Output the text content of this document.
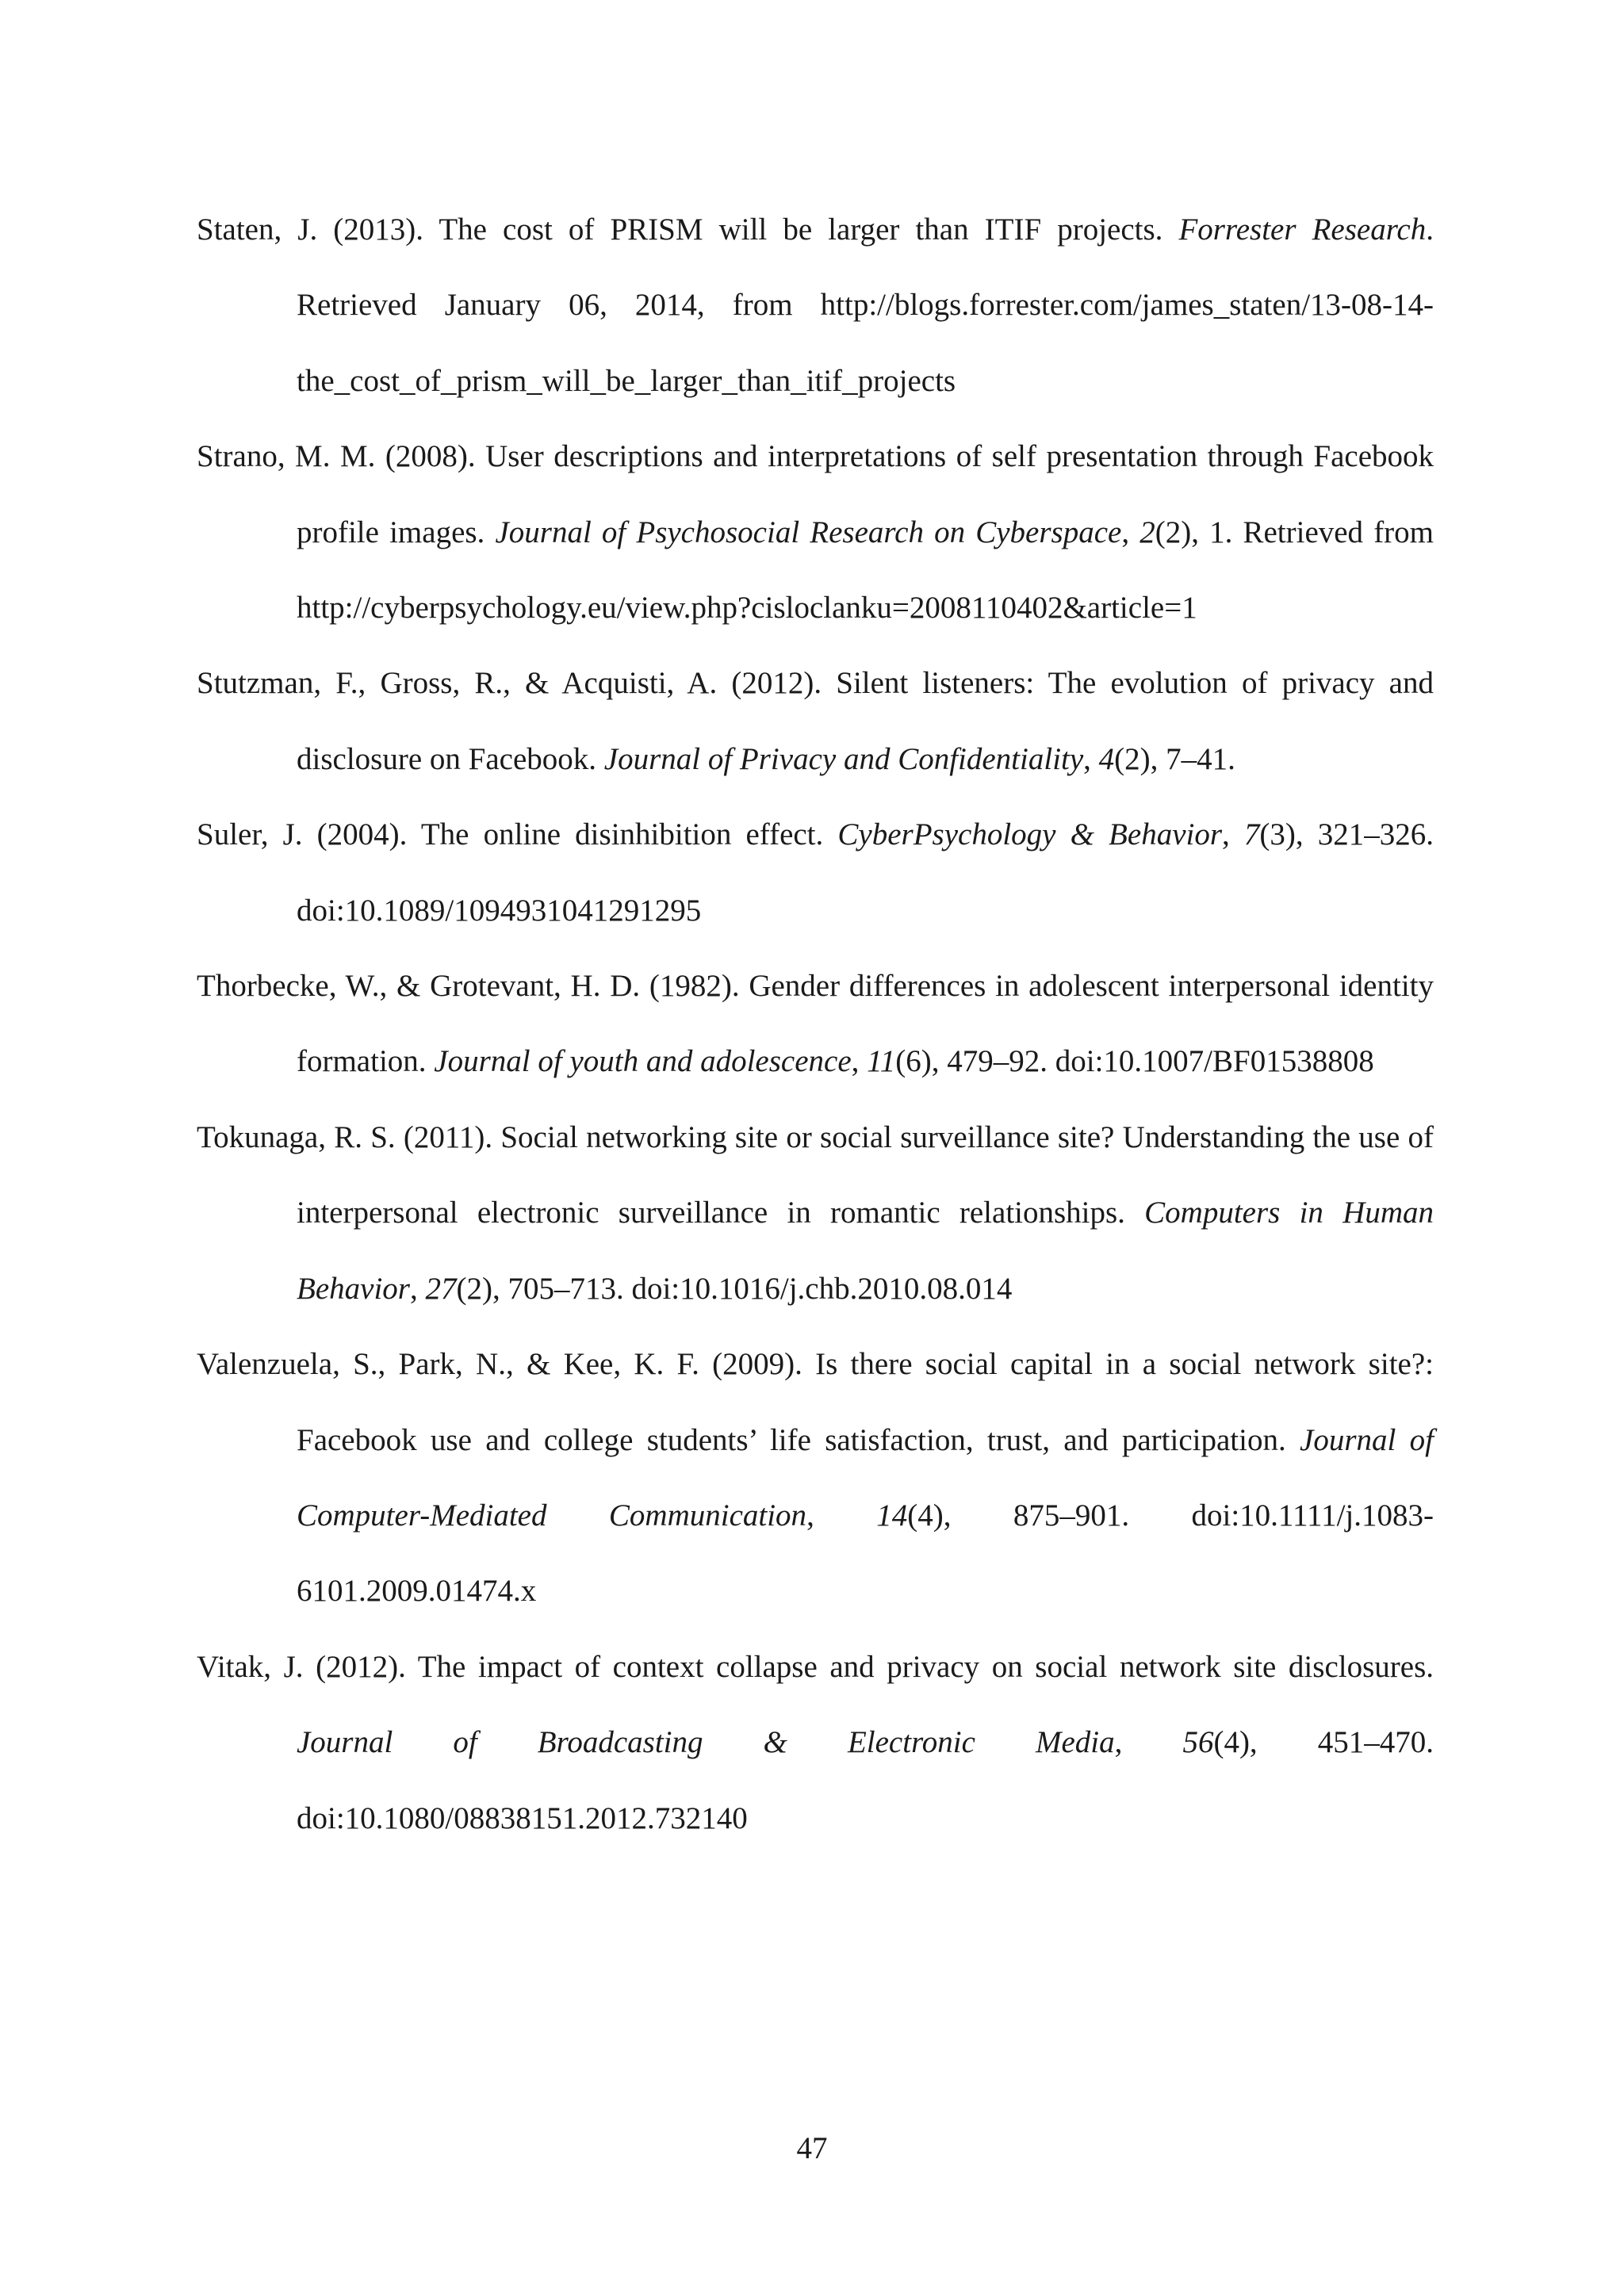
Staten, J. (2013). The cost of PRISM will be larger than ITIF projects. Forrester Research. Retrieved January 06, 2014, from http://blogs.forrester.com/james_staten/13-08-14-the_cost_of_prism_will_be_larger_than_itif_projects

Strano, M. M. (2008). User descriptions and interpretations of self presentation through Facebook profile images. Journal of Psychosocial Research on Cyberspace, 2(2), 1. Retrieved from http://cyberpsychology.eu/view.php?cisloclanku=2008110402&article=1

Stutzman, F., Gross, R., & Acquisti, A. (2012). Silent listeners: The evolution of privacy and disclosure on Facebook. Journal of Privacy and Confidentiality, 4(2), 7–41.

Suler, J. (2004). The online disinhibition effect. CyberPsychology & Behavior, 7(3), 321–326. doi:10.1089/1094931041291295

Thorbecke, W., & Grotevant, H. D. (1982). Gender differences in adolescent interpersonal identity formation. Journal of youth and adolescence, 11(6), 479–92. doi:10.1007/BF01538808

Tokunaga, R. S. (2011). Social networking site or social surveillance site? Understanding the use of interpersonal electronic surveillance in romantic relationships. Computers in Human Behavior, 27(2), 705–713. doi:10.1016/j.chb.2010.08.014

Valenzuela, S., Park, N., & Kee, K. F. (2009). Is there social capital in a social network site?: Facebook use and college students’ life satisfaction, trust, and participation. Journal of Computer-Mediated Communication, 14(4), 875–901. doi:10.1111/j.1083-6101.2009.01474.x

Vitak, J. (2012). The impact of context collapse and privacy on social network site disclosures. Journal of Broadcasting & Electronic Media, 56(4), 451–470. doi:10.1080/08838151.2012.732140

47
